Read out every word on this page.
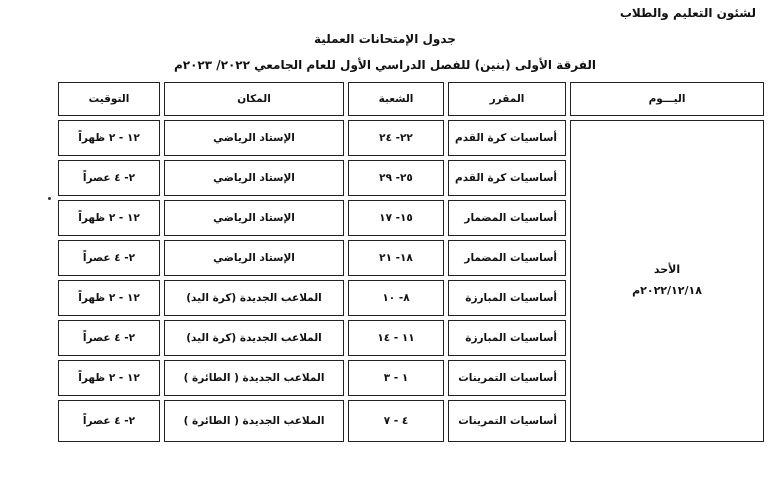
لشئون التعليم والطلاب
جدول الإمتحانات العملية
الفرقة الأولى (بنين) للفصل الدراسي الأول للعام الجامعي ٢٠٢٢/ ٢٠٢٣م
التوقيت	المكان	الشعبة	المقرر	اليـــوم
الأحد
٢٠٢٢/١٢/١٨م
١٢ - ٢ ظهراً	الإستاد الرياضي	٢٢- ٢٤	أساسيات كرة القدم
٢- ٤ عصراً	الإستاد الرياضي	٢٥- ٢٩	أساسيات كرة القدم
١٢ - ٢ ظهراً	الإستاد الرياضي	١٥- ١٧	أساسيات المضمار
٢- ٤ عصراً	الإستاد الرياضي	١٨- ٢١	أساسيات المضمار
١٢ - ٢ ظهراً	الملاعب الجديدة (كرة اليد)	٨- ١٠	أساسيات المبارزة
٢- ٤ عصراً	الملاعب الجديدة (كرة اليد)	١١ - ١٤	أساسيات المبارزة
١٢ - ٢ ظهراً	الملاعب الجديدة ( الطائرة )	١ - ٣	أساسيات التمرينات
٢- ٤ عصراً	الملاعب الجديدة ( الطائرة )	٤ - ٧	أساسيات التمرينات
